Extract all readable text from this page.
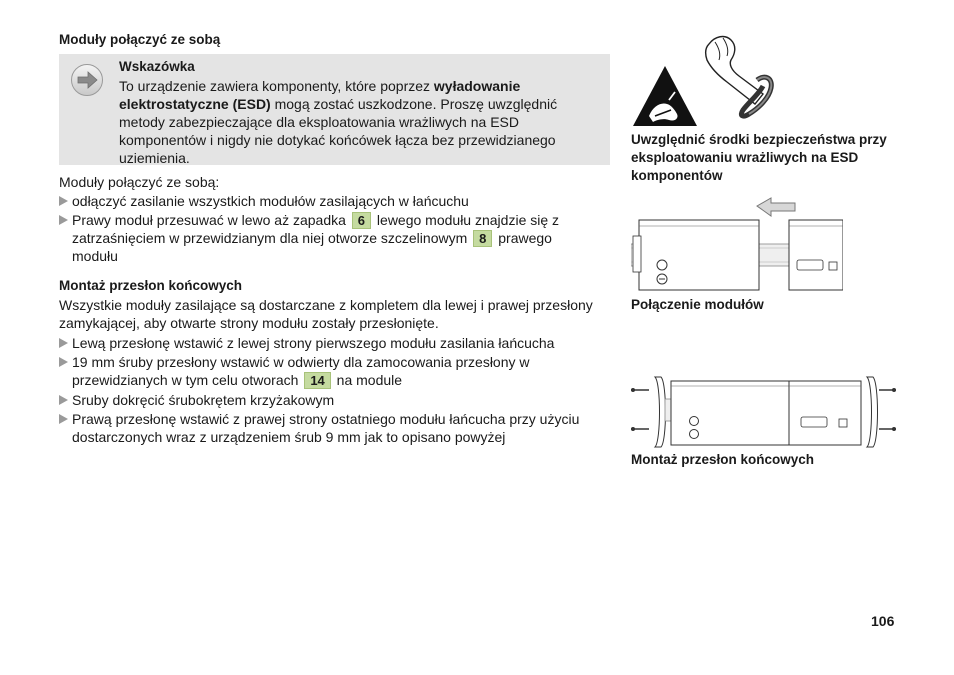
Moduły połączyć ze sobą
Wskazówka
To urządzenie zawiera komponenty, które poprzez wyładowanie elektrostatyczne (ESD) mogą zostać uszkodzone. Proszę uwzględnić metody zabezpieczające dla eksploatowania wrażliwych na ESD komponentów i nigdy nie dotykać końcówek łącza bez przewidzianego uziemienia.
Moduły połączyć ze sobą:
odłączyć zasilanie wszystkich modułów zasilających w łańcuchu
Prawy moduł przesuwać w lewo aż zapadka 6 lewego modułu znajdzie się z zatrzaśnięciem w przewidzianym dla niej otworze szczelinowym 8 prawego modułu
Montaż przesłon końcowych
Wszystkie moduły zasilające są dostarczane z kompletem dla lewej i prawej przesłony zamykającej, aby otwarte strony modułu zostały przesłonięte.
Lewą przesłonę wstawić z lewej strony pierwszego modułu zasilania łańcucha
19 mm śruby przesłony wstawić w odwierty dla zamocowania przesłony w przewidzianych w tym celu otworach 14 na module
Sruby dokręcić śrubokrętem krzyżakowym
Prawą przesłonę wstawić z prawej strony ostatniego modułu łańcucha przy użyciu dostarczonych wraz z urządzeniem śrub 9 mm jak to opisano powyżej
Uwzględnić środki bezpieczeństwa przy eksploatowaniu wrażliwych na ESD komponentów
Połączenie modułów
Montaż przesłon końcowych
106
